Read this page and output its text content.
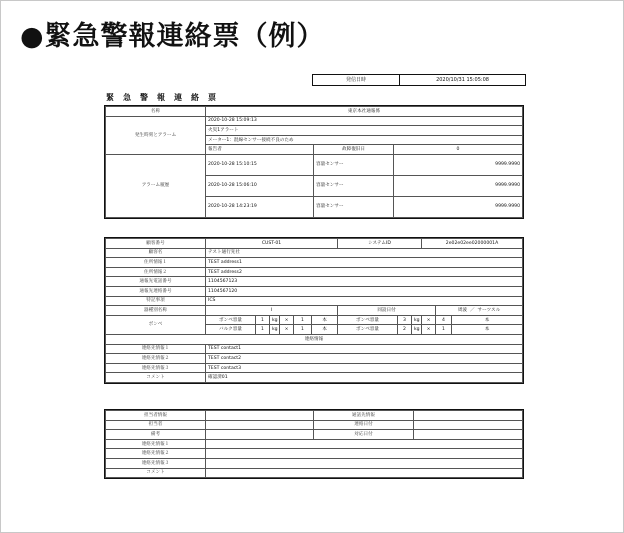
●緊急警報連絡票（例）
発信日時	2020/10/31 15:05:08
緊急警報連絡票
名称	東京本社通報係		
発生時刻とアラーム	2020-10-28 15:09:13		
	火災1アラート		
	メーター1：混線センサー接続不良のため		
	報告者	故障復旧日	0
アラーム履歴	2020-10-28 15:10:15	容量センサー	9999.9990
	2020-10-28 15:06:10	容量センサー	9999.9990
	2020-10-28 14:23:19	容量センサー	9999.9990
顧客番号	CUST-01						システムID			2e02e02ee02000001A		
顧客名	テスト通行先社											
住所情報１	TEST address1											
住所情報２	TEST address2											
通報先電話番号	1104567123											
通報先連絡番号	1104567120											
特記事項	ICS											
器種別名称	Ⅰ						同設日付				周波 ／ サーツスル	
ボンベ	ボンベ容量	1	kg	×	1	本	ボンベ容量	3	kg	×	4	本
	バルク容量	1	kg	×	1	本	ボンベ容量	2	kg	×	1	本
連絡情報												
連絡先情報１	TEST contact1											
連絡先情報２	TEST contact2											
連絡先情報３	TEST contact3											
コメント	確認済01											
担当者情報		通話先情報	
担当者		連絡日付	
備考		対応日付	
連絡先情報１			
連絡先情報２			
連絡先情報３			
コメント			
